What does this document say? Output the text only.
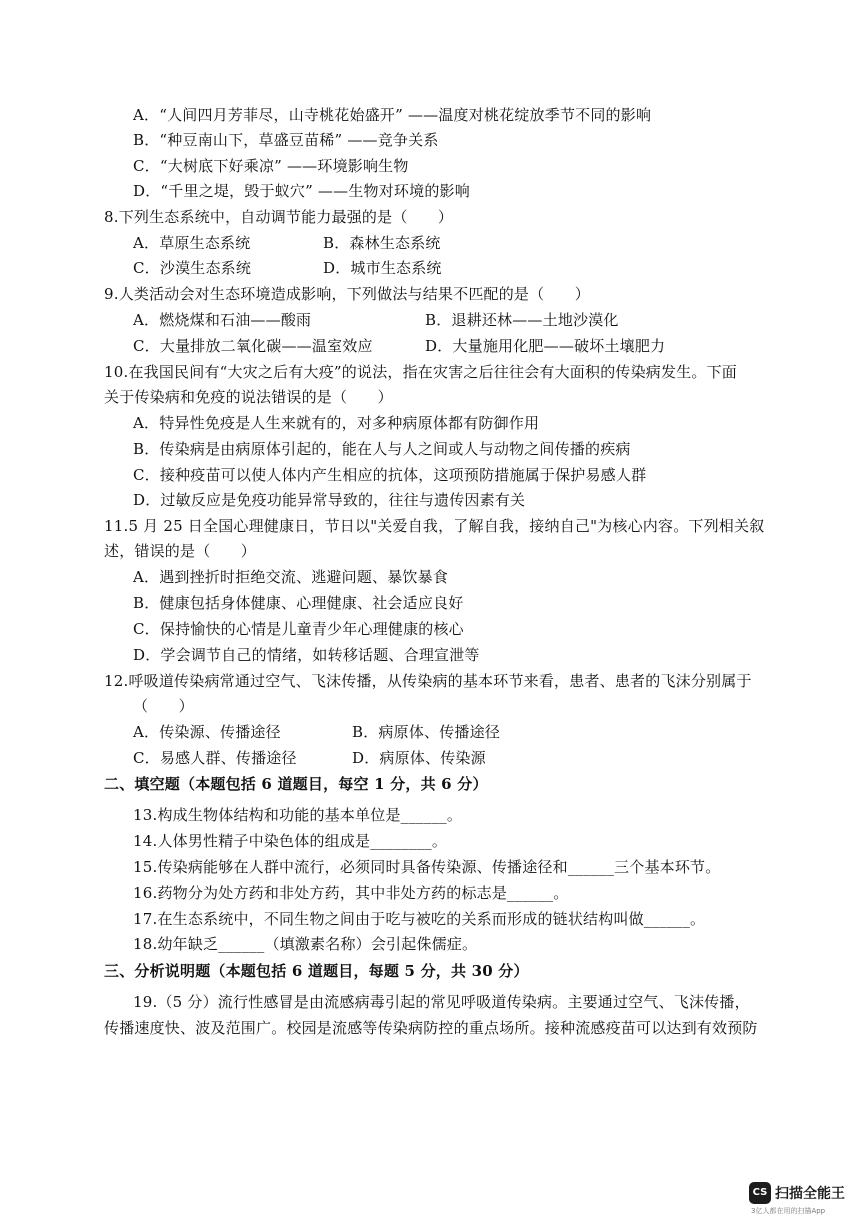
A．“人间四月芳菲尽，山寺桃花始盛开” ——温度对桃花绽放季节不同的影响
B．“种豆南山下，草盛豆苗稀” ——竞争关系
C．“大树底下好乘凉” ——环境影响生物
D．“千里之堤，毁于蚁穴” ——生物对环境的影响
8.下列生态系统中，自动调节能力最强的是（　　）
A．草原生态系统	B．森林生态系统
C．沙漠生态系统	D．城市生态系统
9.人类活动会对生态环境造成影响，下列做法与结果不匹配的是（　　）
A．燃烧煤和石油——酸雨	B．退耕还林——土地沙漠化
C．大量排放二氧化碳——温室效应	D．大量施用化肥——破坏土壤肥力
10.在我国民间有“大灾之后有大疫”的说法，指在灾害之后往往会有大面积的传染病发生。下面
关于传染病和免疫的说法错误的是（　　）
A．特异性免疫是人生来就有的，对多种病原体都有防御作用
B．传染病是由病原体引起的，能在人与人之间或人与动物之间传播的疾病
C．接种疫苗可以使人体内产生相应的抗体，这项预防措施属于保护易感人群
D．过敏反应是免疫功能异常导致的，往往与遗传因素有关
11.5 月 25 日全国心理健康日，节日以"关爱自我，了解自我，接纳自己"为核心内容。下列相关叙
述，错误的是（　　）
A．遇到挫折时拒绝交流、逃避问题、暴饮暴食
B．健康包括身体健康、心理健康、社会适应良好
C．保持愉快的心情是儿童青少年心理健康的核心
D．学会调节自己的情绪，如转移话题、合理宣泄等
12.呼吸道传染病常通过空气、飞沫传播，从传染病的基本环节来看，患者、患者的飞沫分别属于
（　　）
A．传染源、传播途径	B．病原体、传播途径
C．易感人群、传播途径	D．病原体、传染源
二、填空题（本题包括 6 道题目，每空 1 分，共 6 分）
13.构成生物体结构和功能的基本单位是______。
14.人体男性精子中染色体的组成是________。
15.传染病能够在人群中流行，必须同时具备传染源、传播途径和______三个基本环节。
16.药物分为处方药和非处方药，其中非处方药的标志是______。
17.在生态系统中，不同生物之间由于吃与被吃的关系而形成的链状结构叫做______。
18.幼年缺乏______（填激素名称）会引起侏儒症。
三、分析说明题（本题包括 6 道题目，每题 5 分，共 30 分）
19.（5 分）流行性感冒是由流感病毒引起的常见呼吸道传染病。主要通过空气、飞沫传播，
传播速度快、波及范围广。校园是流感等传染病防控的重点场所。接种流感疫苗可以达到有效预防
CS 扫描全能王
3亿人都在用的扫描App
